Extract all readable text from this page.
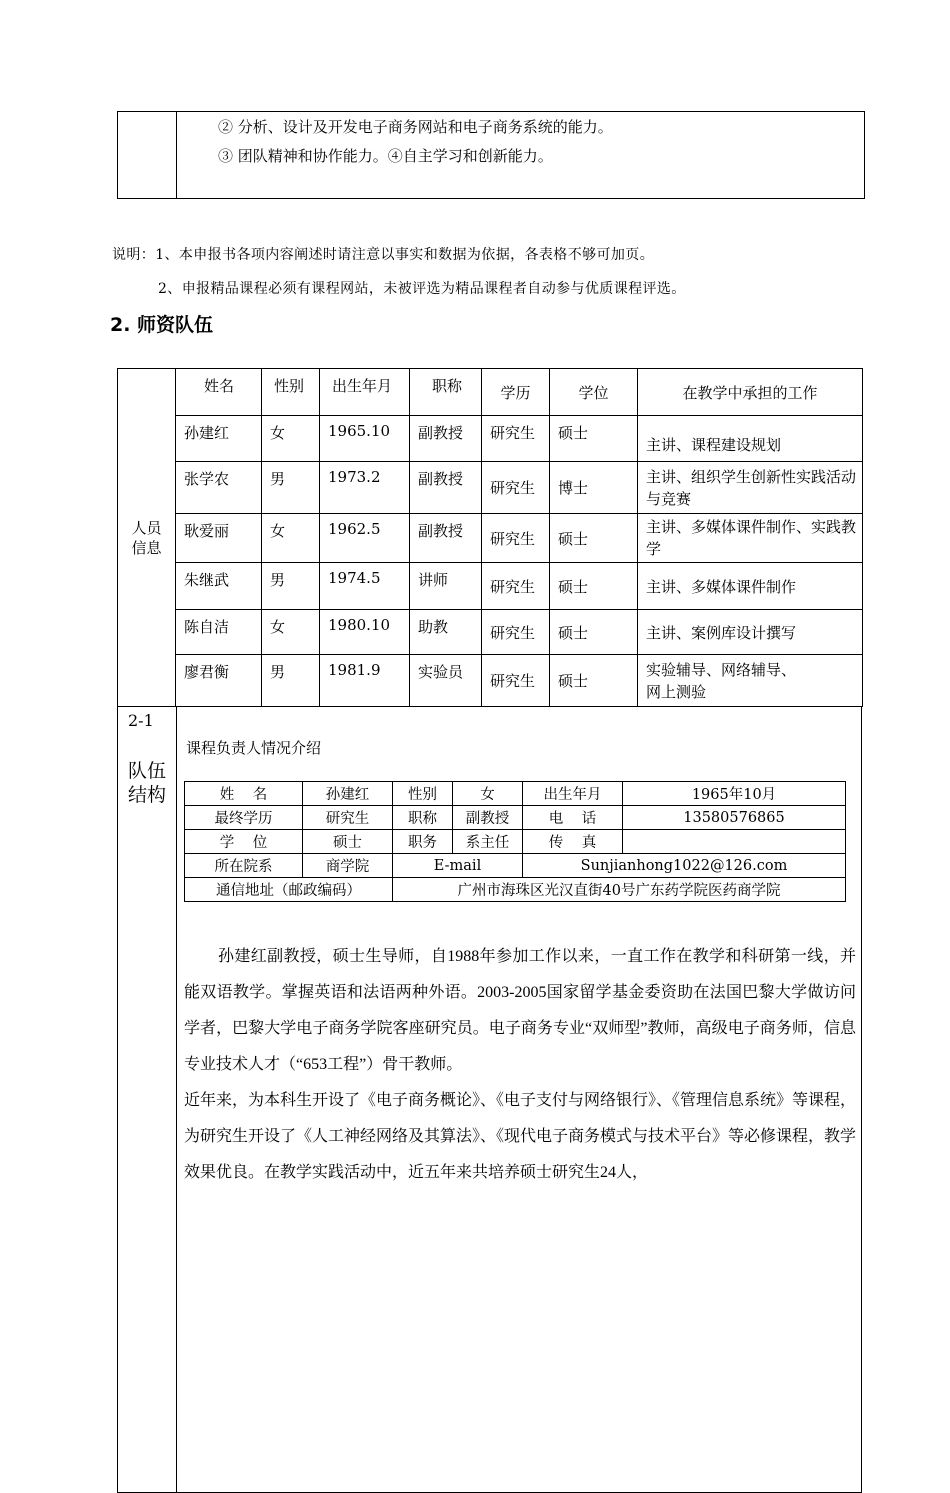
② 分析、设计及开发电子商务网站和电子商务系统的能力。
③ 团队精神和协作能力。④自主学习和创新能力。
说明：1、本申报书各项内容阐述时请注意以事实和数据为依据，各表格不够可加页。
2、申报精品课程必须有课程网站，未被评选为精品课程者自动参与优质课程评选。
2. 师资队伍
人员
信息	姓名	性别	出生年月	职称	学历	学位	在教学中承担的工作
	孙建红	女	1965.10	副教授	研究生	硕士	主讲、课程建设规划
	张学农	男	1973.2	副教授	研究生	博士	主讲、组织学生创新性实践活动与竞赛
	耿爱丽	女	1962.5	副教授	研究生	硕士	主讲、多媒体课件制作、实践教学
	朱继武	男	1974.5	讲师	研究生	硕士	主讲、多媒体课件制作
	陈自洁	女	1980.10	助教	研究生	硕士	主讲、案例库设计撰写
	廖君衡	男	1981.9	实验员	研究生	硕士	实验辅导、网络辅导、网上测验
2-1
队伍结构
课程负责人情况介绍
姓    名	孙建红	性别	女	出生年月	1965年10月
最终学历	研究生	职称	副教授	电    话	13580576865
学    位	硕士	职务	系主任	传    真	
所在院系	商学院	E-mail		Sunjianhong1022@126.com	
通信地址（邮政编码）		广州市海珠区光汉直街40号广东药学院医药商学院			

孙建红副教授，硕士生导师，自1988年参加工作以来，一直工作在教学和科研第一线，并能双语教学。掌握英语和法语两种外语。2003-2005国家留学基金委资助在法国巴黎大学做访问学者，巴黎大学电子商务学院客座研究员。电子商务专业“双师型”教师，高级电子商务师，信息专业技术人才（“653工程”）骨干教师。

近年来，为本科生开设了《电子商务概论》、《电子支付与网络银行》、《管理信息系统》等课程，为研究生开设了《人工神经网络及其算法》、《现代电子商务模式与技术平台》等必修课程，教学效果优良。在教学实践活动中，近五年来共培养硕士研究生24人，
